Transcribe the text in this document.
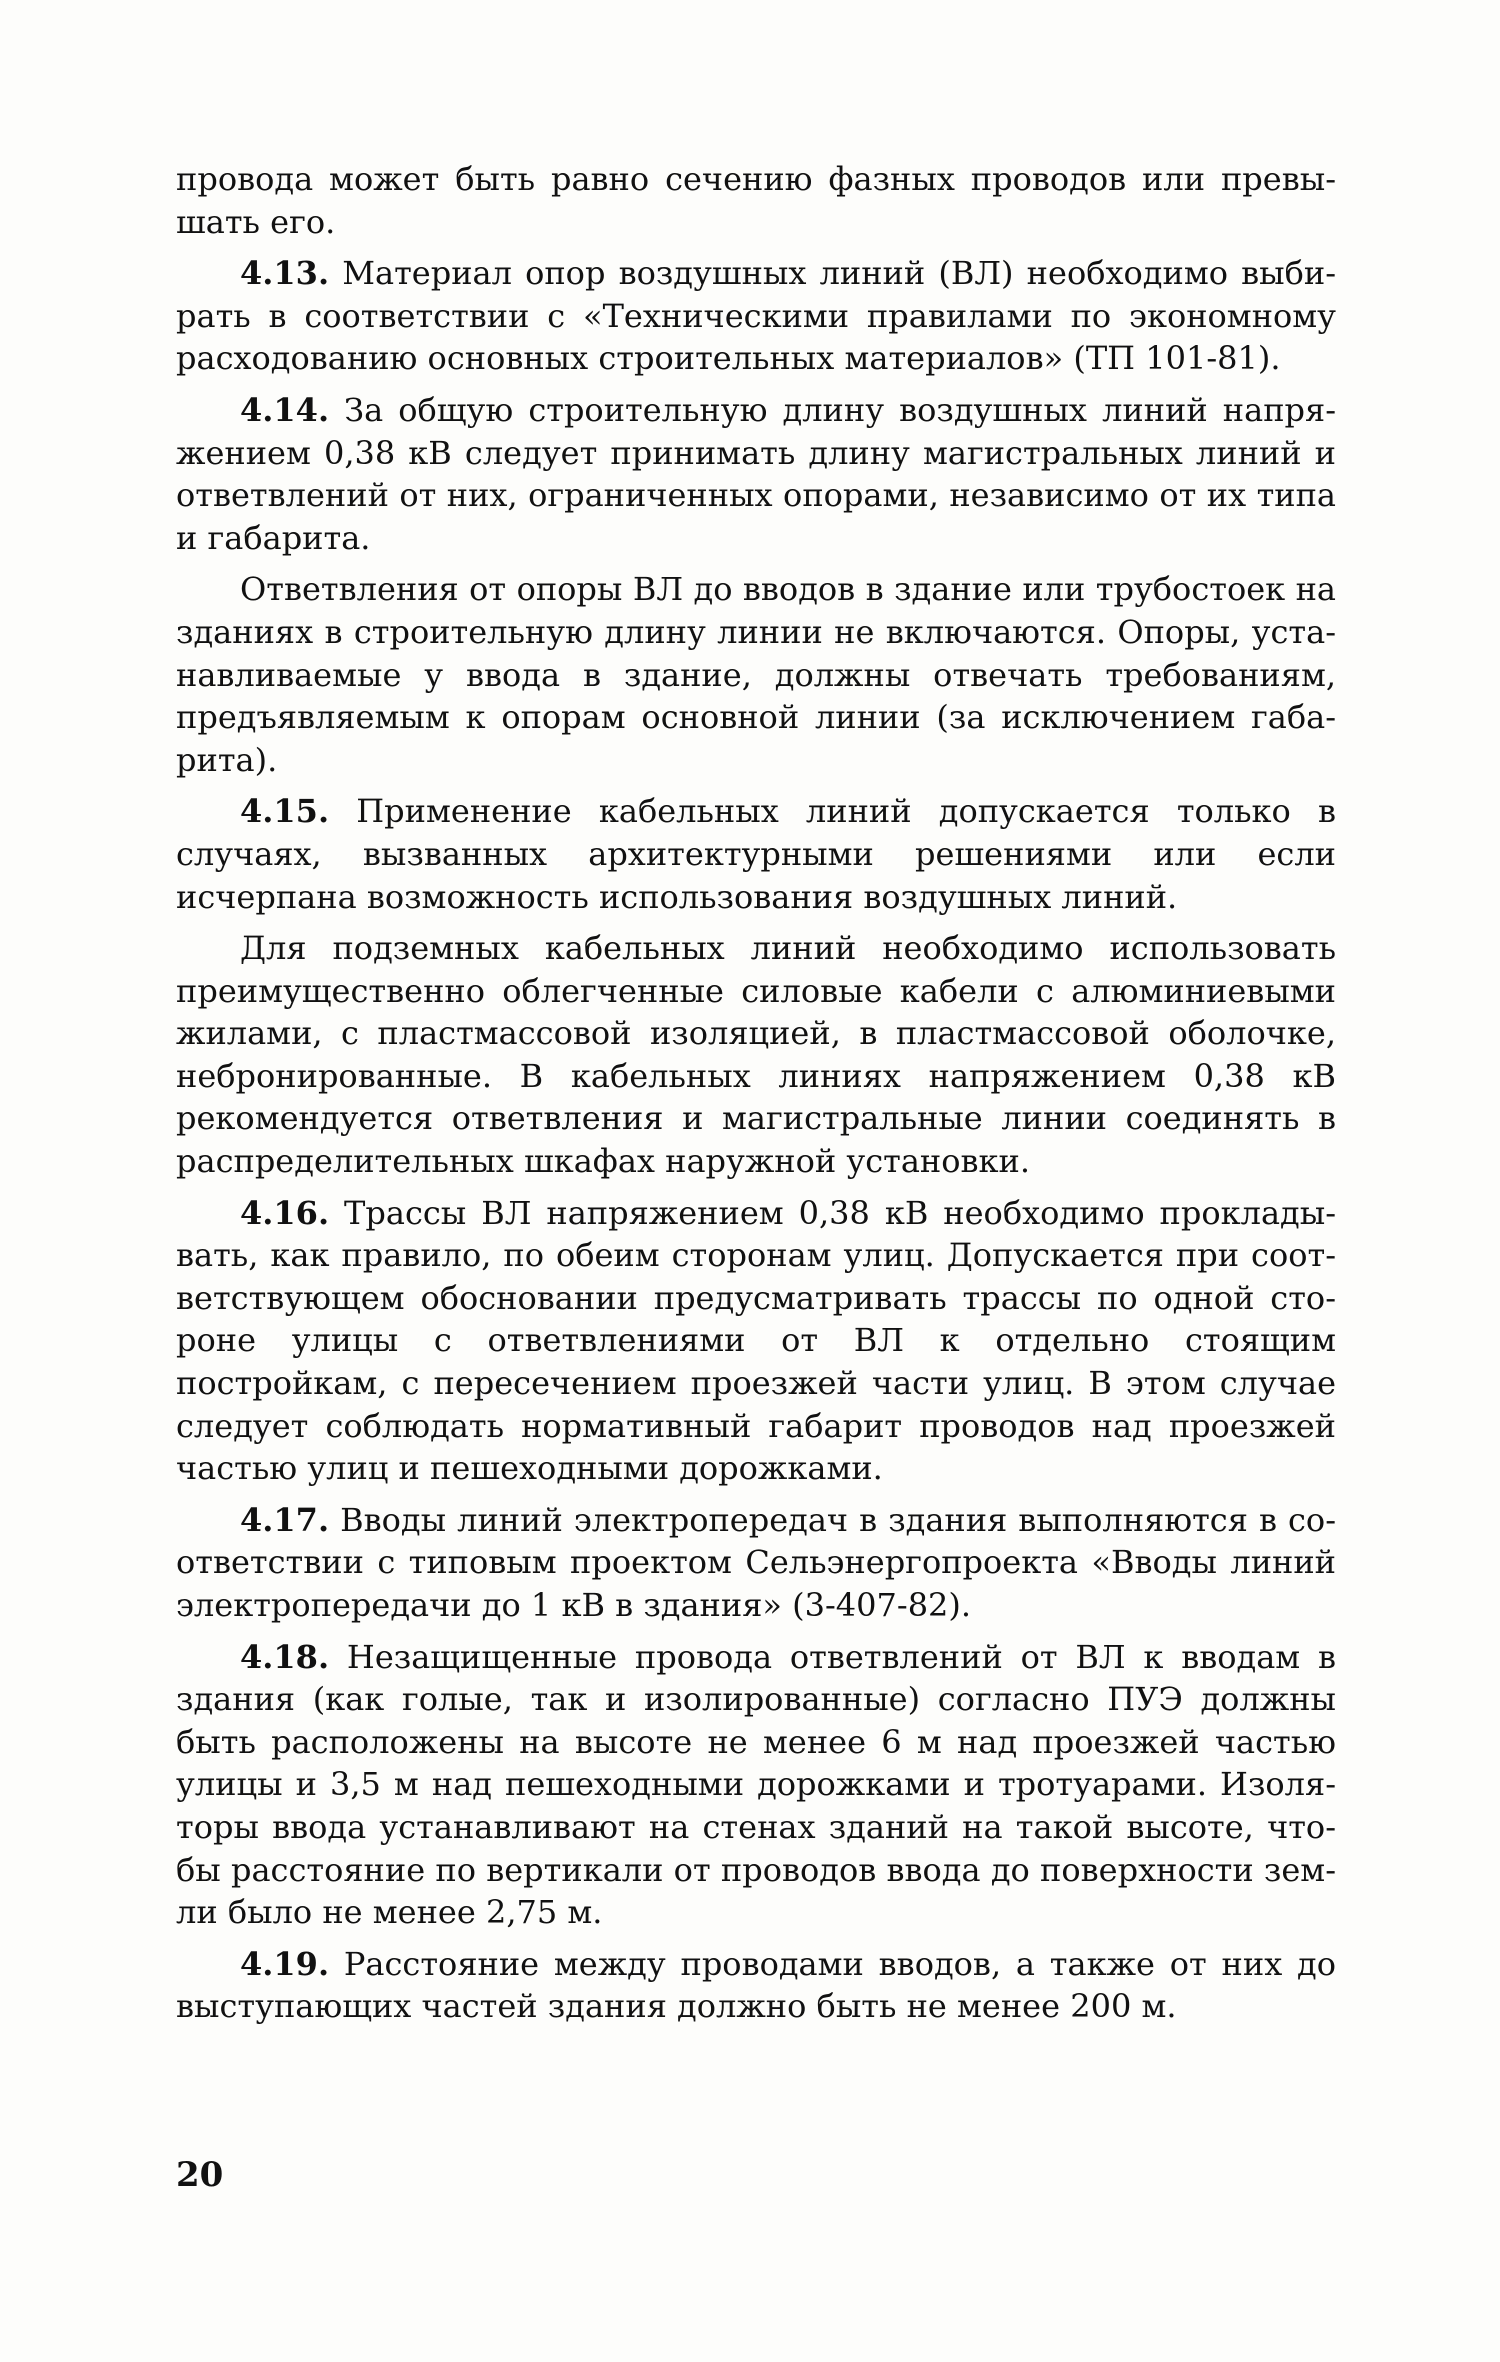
провода может быть равно сечению фазных проводов или превышать его.

4.13. Материал опор воздушных линий (ВЛ) необходимо выбирать в соответствии с «Техническими правилами по экономному расходованию основных строительных материалов» (ТП 101-81).

4.14. За общую строительную длину воздушных линий напряжением 0,38 кВ следует принимать длину магистральных линий и ответвлений от них, ограниченных опорами, независимо от их типа и габарита.

Ответвления от опоры ВЛ до вводов в здание или трубостоек на зданиях в строительную длину линии не включаются. Опоры, устанавливаемые у ввода в здание, должны отвечать требованиям, предъявляемым к опорам основной линии (за исключением габарита).

4.15. Применение кабельных линий допускается только в случаях, вызванных архитектурными решениями или если исчерпана возможность использования воздушных линий.

Для подземных кабельных линий необходимо использовать преимущественно облегченные силовые кабели с алюминиевыми жилами, с пластмассовой изоляцией, в пластмассовой оболочке, небронированные. В кабельных линиях напряжением 0,38 кВ рекомендуется ответвления и магистральные линии соединять в распределительных шкафах наружной установки.

4.16. Трассы ВЛ напряжением 0,38 кВ необходимо прокладывать, как правило, по обеим сторонам улиц. Допускается при соответствующем обосновании предусматривать трассы по одной стороне улицы с ответвлениями от ВЛ к отдельно стоящим постройкам, с пересечением проезжей части улиц. В этом случае следует соблюдать нормативный габарит проводов над проезжей частью улиц и пешеходными дорожками.

4.17. Вводы линий электропередач в здания выполняются в соответствии с типовым проектом Сельэнергопроекта «Вводы линий электропередачи до 1 кВ в здания» (3-407-82).

4.18. Незащищенные провода ответвлений от ВЛ к вводам в здания (как голые, так и изолированные) согласно ПУЭ должны быть расположены на высоте не менее 6 м над проезжей частью улицы и 3,5 м над пешеходными дорожками и тротуарами. Изоляторы ввода устанавливают на стенах зданий на такой высоте, чтобы расстояние по вертикали от проводов ввода до поверхности земли было не менее 2,75 м.

4.19. Расстояние между проводами вводов, а также от них до выступающих частей здания должно быть не менее 200 м.

20
